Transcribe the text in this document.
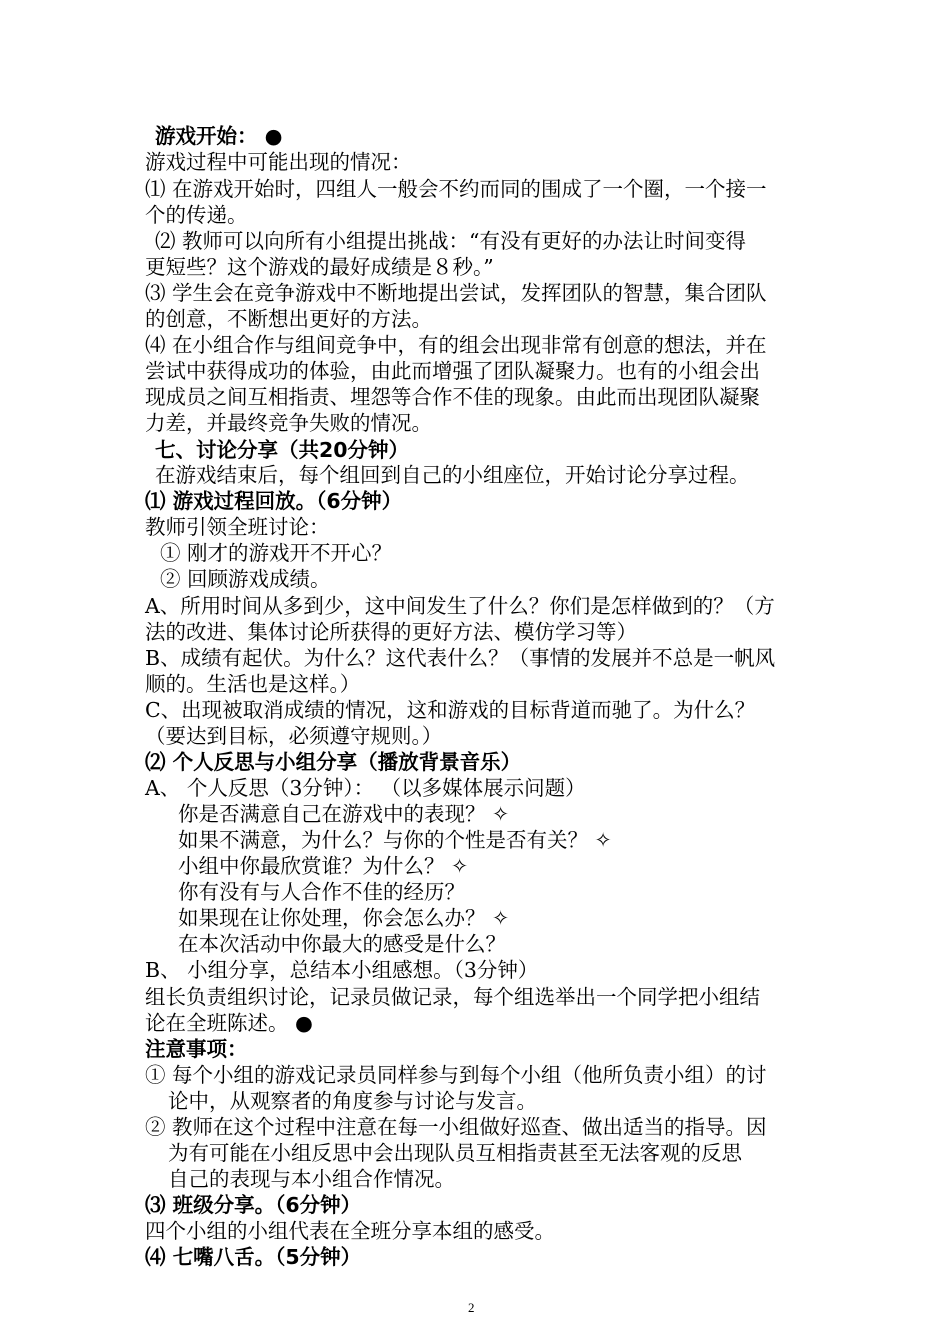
游戏开始： ●
游戏过程中可能出现的情况：
⑴ 在游戏开始时，四组人一般会不约而同的围成了一个圈，一个接一
个的传递。
⑵ 教师可以向所有小组提出挑战：“有没有更好的办法让时间变得
更短些？这个游戏的最好成绩是８秒。”
⑶ 学生会在竞争游戏中不断地提出尝试，发挥团队的智慧，集合团队
的创意，不断想出更好的方法。
⑷ 在小组合作与组间竞争中，有的组会出现非常有创意的想法，并在
尝试中获得成功的体验，由此而增强了团队凝聚力。也有的小组会出
现成员之间互相指责、埋怨等合作不佳的现象。由此而出现团队凝聚
力差，并最终竞争失败的情况。
七、讨论分享（共20分钟）
在游戏结束后，每个组回到自己的小组座位，开始讨论分享过程。
⑴ 游戏过程回放。（6分钟）
教师引领全班讨论：
① 刚才的游戏开不开心？
② 回顾游戏成绩。
A、所用时间从多到少，这中间发生了什么？你们是怎样做到的？（方
法的改进、集体讨论所获得的更好方法、模仿学习等）
B、成绩有起伏。为什么？这代表什么？（事情的发展并不总是一帆风
顺的。生活也是这样。）
C、出现被取消成绩的情况，这和游戏的目标背道而驰了。为什么？
（要达到目标，必须遵守规则。）
⑵ 个人反思与小组分享（播放背景音乐）
A、 个人反思（3分钟）： （以多媒体展示问题）
你是否满意自己在游戏中的表现？ ✧
如果不满意，为什么？与你的个性是否有关？ ✧
小组中你最欣赏谁？为什么？ ✧
你有没有与人合作不佳的经历？
如果现在让你处理，你会怎么办？ ✧
在本次活动中你最大的感受是什么？
B、 小组分享，总结本小组感想。（3分钟）
组长负责组织讨论，记录员做记录，每个组选举出一个同学把小组结
论在全班陈述。 ●
注意事项：
① 每个小组的游戏记录员同样参与到每个小组（他所负责小组）的讨
论中，从观察者的角度参与讨论与发言。
② 教师在这个过程中注意在每一小组做好巡查、做出适当的指导。因
为有可能在小组反思中会出现队员互相指责甚至无法客观的反思
自己的表现与本小组合作情况。
⑶ 班级分享。（6分钟）
四个小组的小组代表在全班分享本组的感受。
⑷ 七嘴八舌。（5分钟）
2
